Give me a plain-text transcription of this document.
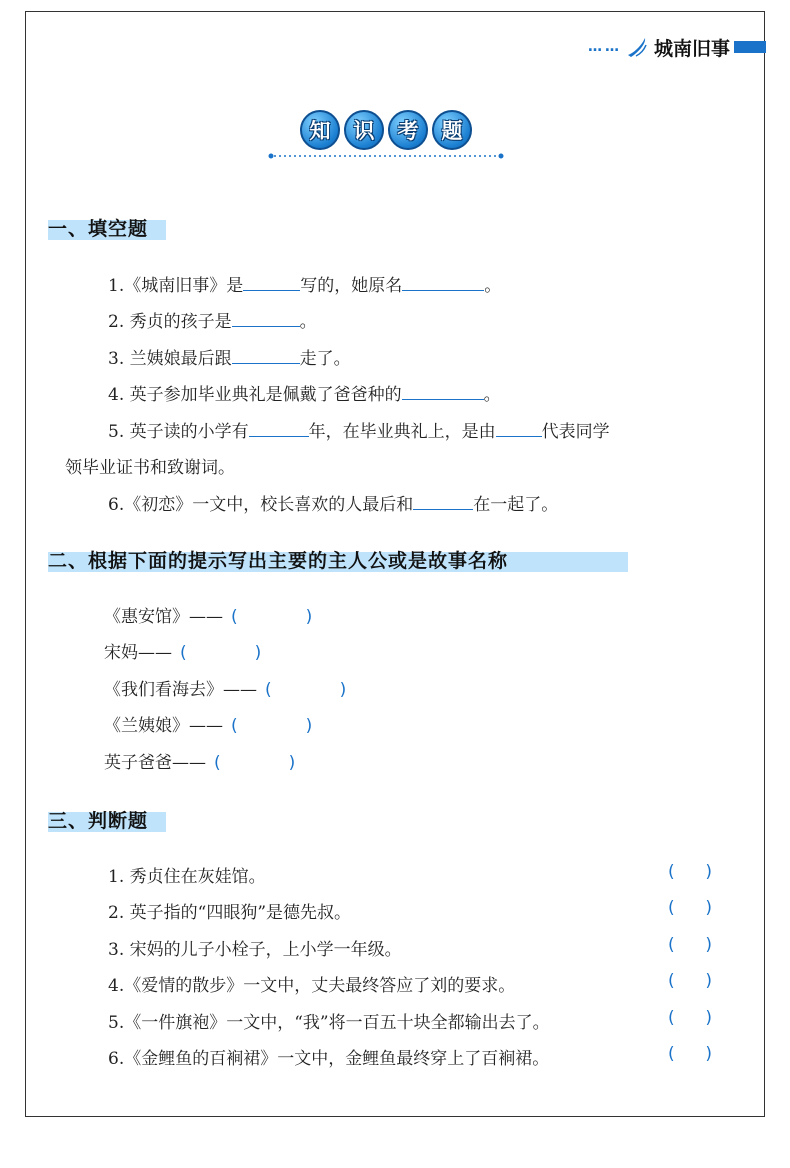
…… 城南旧事
知	识	考	题
一、填空题
1.《城南旧事》是	写的，她原名	。
2. 秀贞的孩子是	。
3. 兰姨娘最后跟	走了。
4. 英子参加毕业典礼是佩戴了爸爸种的	。
5. 英子读的小学有	年，在毕业典礼上，是由	代表同学
领毕业证书和致谢词。
6.《初恋》一文中，校长喜欢的人最后和	在一起了。
二、根据下面的提示写出主要的主人公或是故事名称
《惠安馆》—— (	)
宋妈—— (	)
《我们看海去》—— (	)
《兰姨娘》—— (	)
英子爸爸—— (	)
三、判断题
1. 秀贞住在灰娃馆。	( )
2. 英子指的“四眼狗”是德先叔。	( )
3. 宋妈的儿子小栓子，上小学一年级。	( )
4.《爱情的散步》一文中，丈夫最终答应了刘的要求。	( )
5.《一件旗袍》一文中，“我”将一百五十块全都输出去了。	( )
6.《金鲤鱼的百裥裙》一文中，金鲤鱼最终穿上了百裥裙。	( )
